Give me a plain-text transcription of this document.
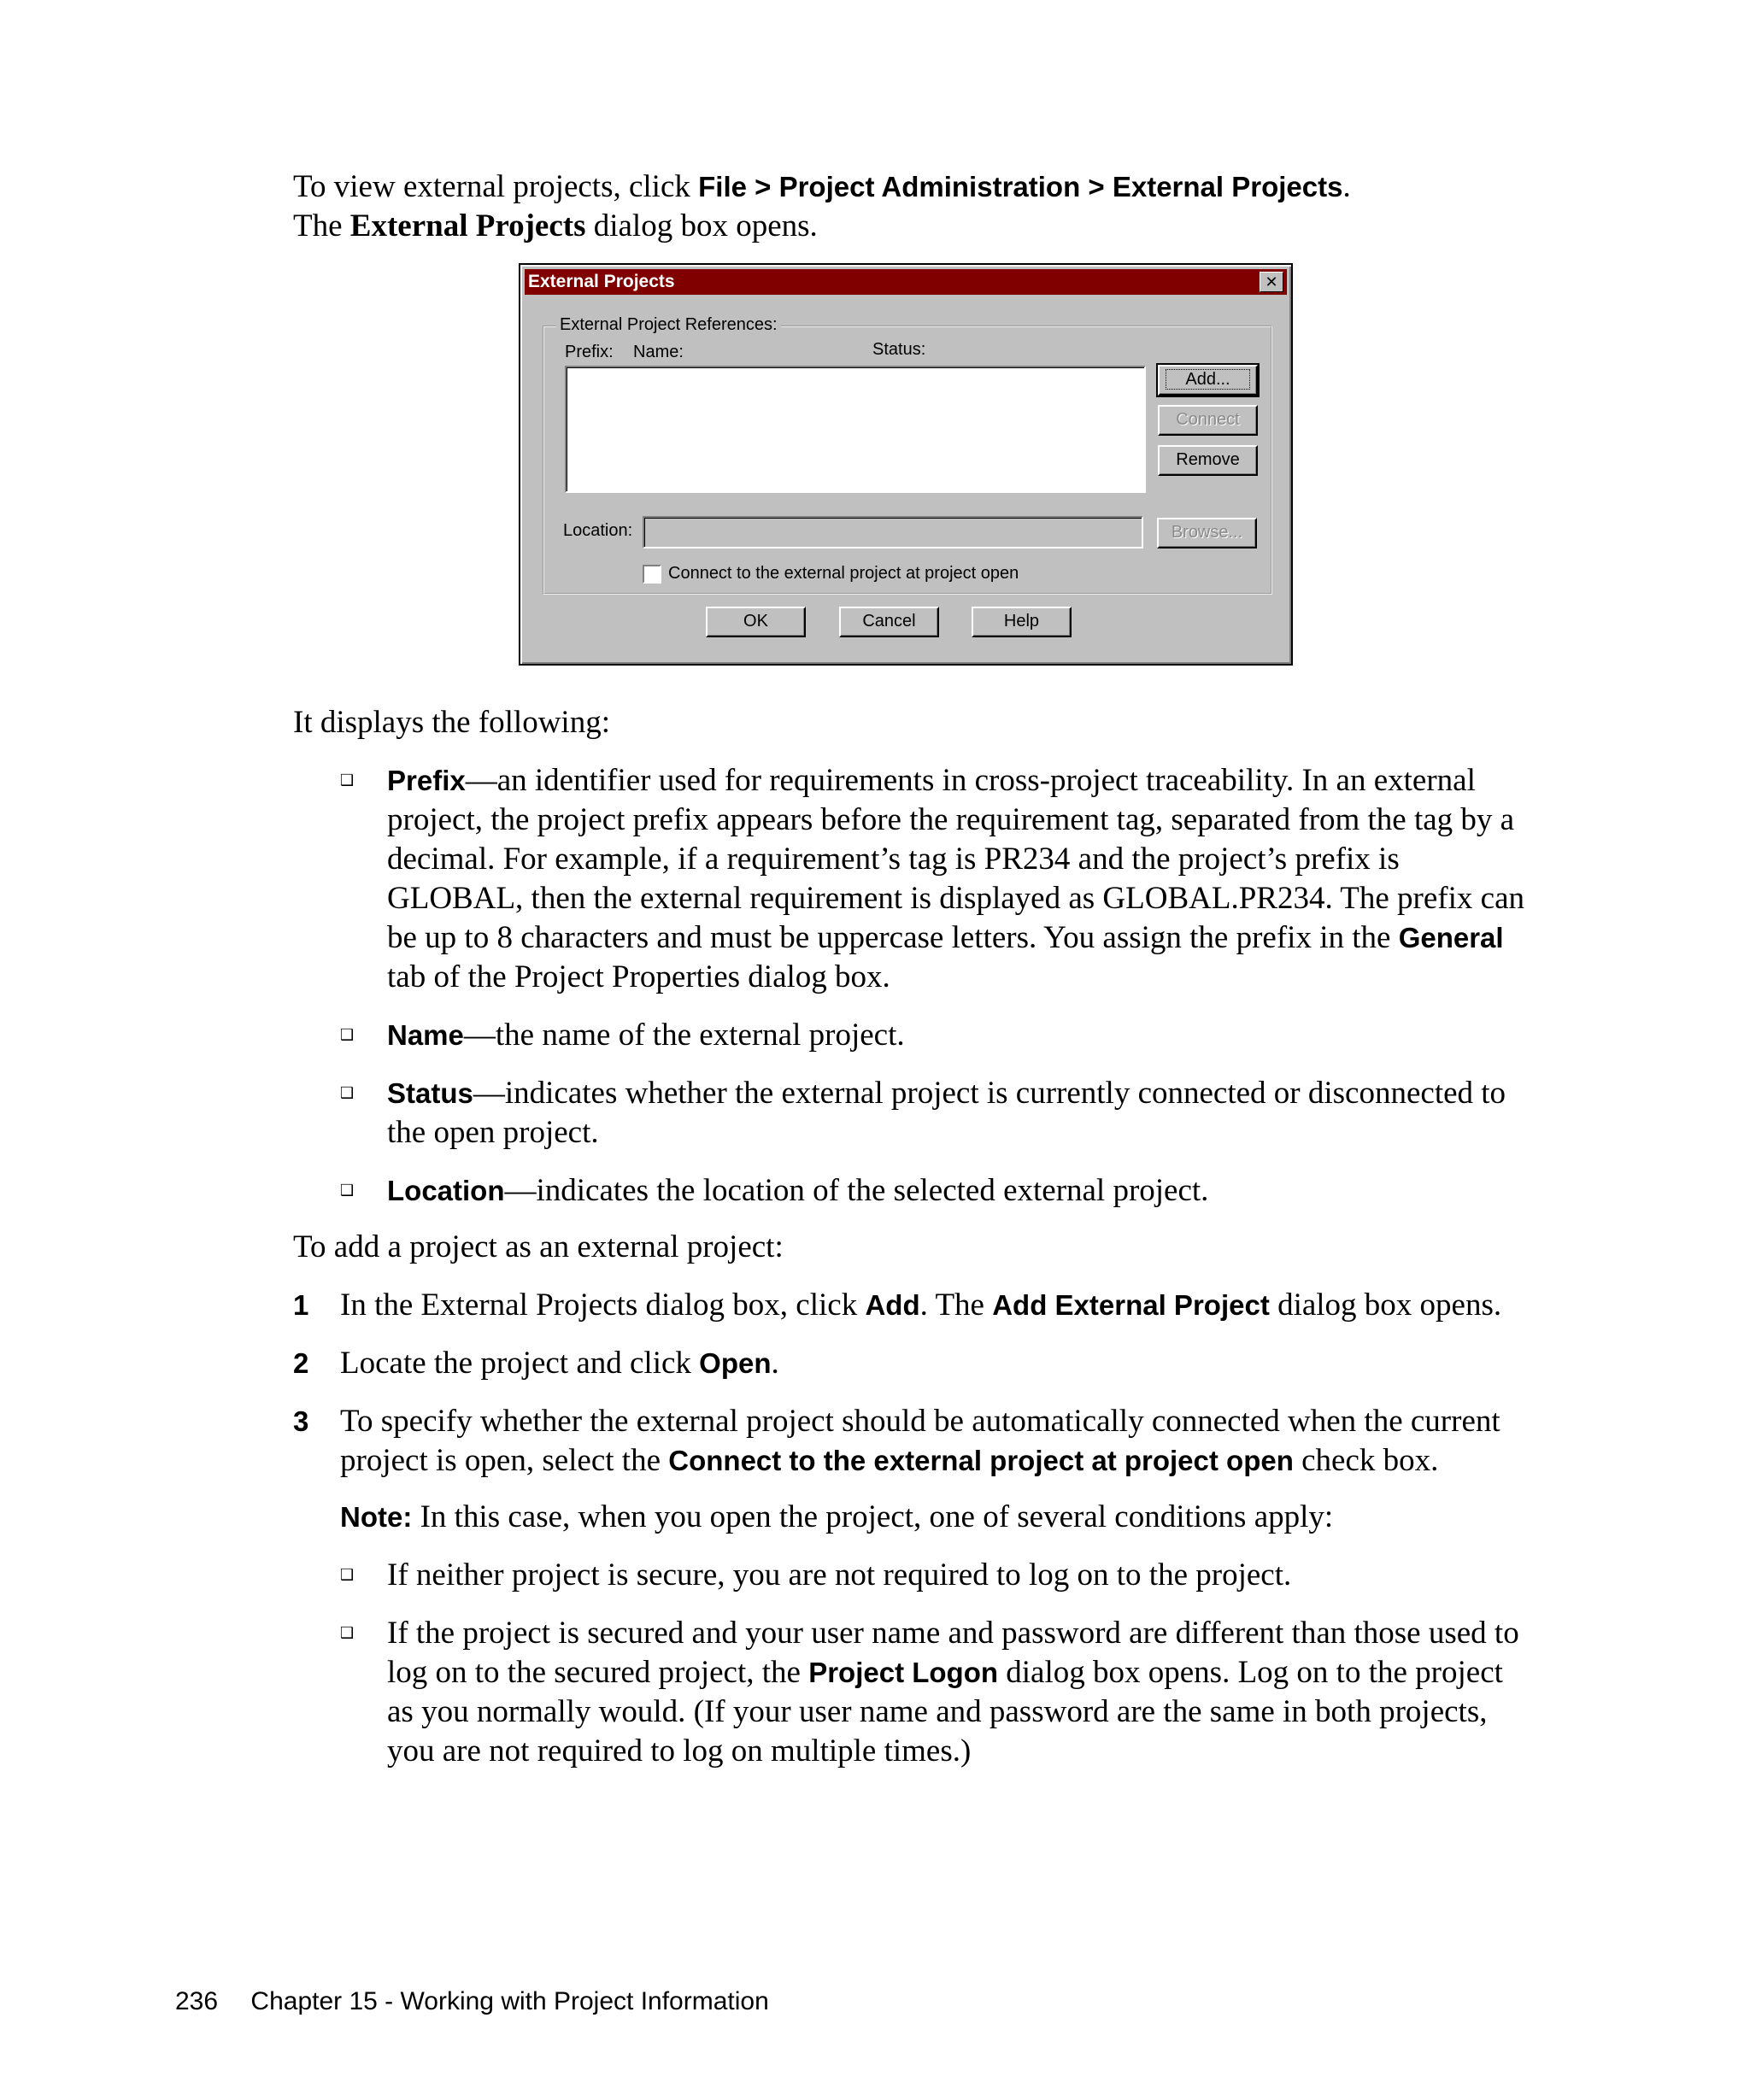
To view external projects, click File > Project Administration > External Projects.

The External Projects dialog box opens.

External Projects	✕
External Project References:
Prefix: Name:	Status:
Add...
Connect
Remove
Location:	Browse...
Connect to the external project at project open
OK	Cancel	Help

It displays the following:

❑ Prefix—an identifier used for requirements in cross-project traceability. In an external project, the project prefix appears before the requirement tag, separated from the tag by a decimal. For example, if a requirement’s tag is PR234 and the project’s prefix is GLOBAL, then the external requirement is displayed as GLOBAL.PR234. The prefix can be up to 8 characters and must be uppercase letters. You assign the prefix in the General tab of the Project Properties dialog box.

❑ Name—the name of the external project.

❑ Status—indicates whether the external project is currently connected or disconnected to the open project.

❑ Location—indicates the location of the selected external project.

To add a project as an external project:

1 In the External Projects dialog box, click Add. The Add External Project dialog box opens.

2 Locate the project and click Open.

3 To specify whether the external project should be automatically connected when the current project is open, select the Connect to the external project at project open check box.

Note: In this case, when you open the project, one of several conditions apply:

❑ If neither project is secure, you are not required to log on to the project.

❑ If the project is secured and your user name and password are different than those used to log on to the secured project, the Project Logon dialog box opens. Log on to the project as you normally would. (If your user name and password are the same in both projects, you are not required to log on multiple times.)

236 Chapter 15 - Working with Project Information
